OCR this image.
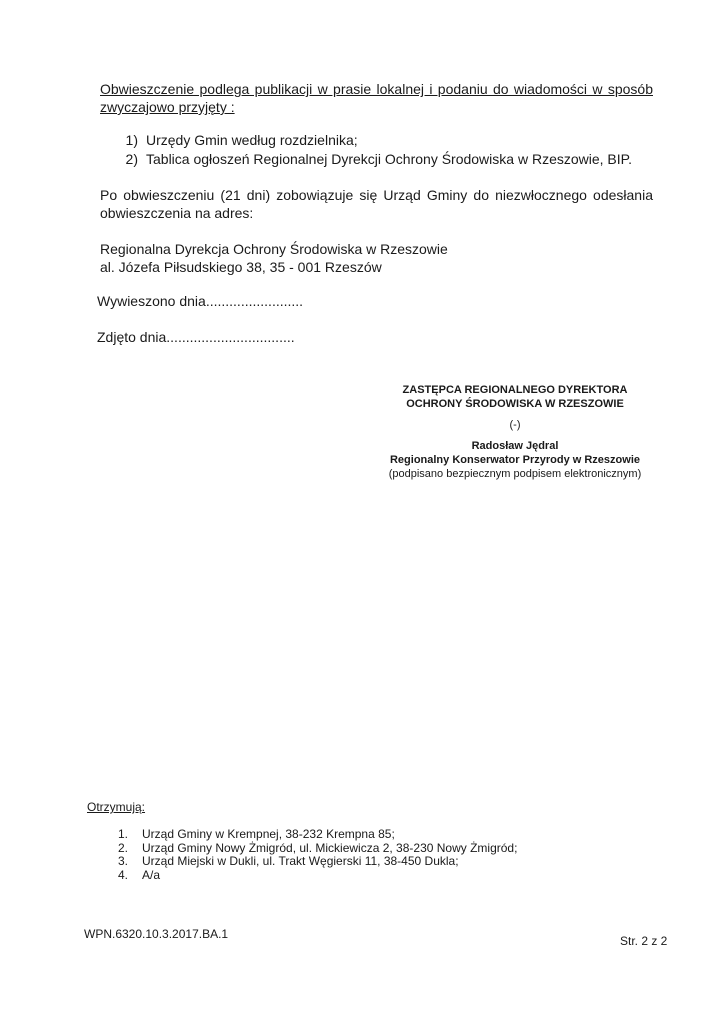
Obwieszczenie podlega publikacji w prasie lokalnej i podaniu do wiadomości w sposób
zwyczajowo przyjęty :
1) Urzędy Gmin według rozdzielnika;
2) Tablica ogłoszeń Regionalnej Dyrekcji Ochrony Środowiska w Rzeszowie, BIP.
Po obwieszczeniu (21 dni) zobowiązuje się Urząd Gminy do niezwłocznego odesłania
obwieszczenia na adres:
Regionalna Dyrekcja Ochrony Środowiska w Rzeszowie
al. Józefa Piłsudskiego 38, 35 - 001 Rzeszów
Wywieszono dnia.........................
Zdjęto dnia.................................
ZASTĘPCA REGIONALNEGO DYREKTORA
OCHRONY ŚRODOWISKA W RZESZOWIE
(-)
Radosław Jędral
Regionalny Konserwator Przyrody w Rzeszowie
(podpisano bezpiecznym podpisem elektronicznym)
Otrzymują:
1.	Urząd Gminy w Krempnej, 38-232 Krempna 85;
2.	Urząd Gminy Nowy Żmigród, ul. Mickiewicza 2, 38-230 Nowy Żmigród;
3.	Urząd Miejski w Dukli, ul. Trakt Węgierski 11, 38-450 Dukla;
4.	A/a
WPN.6320.10.3.2017.BA.1	Str. 2 z 2
